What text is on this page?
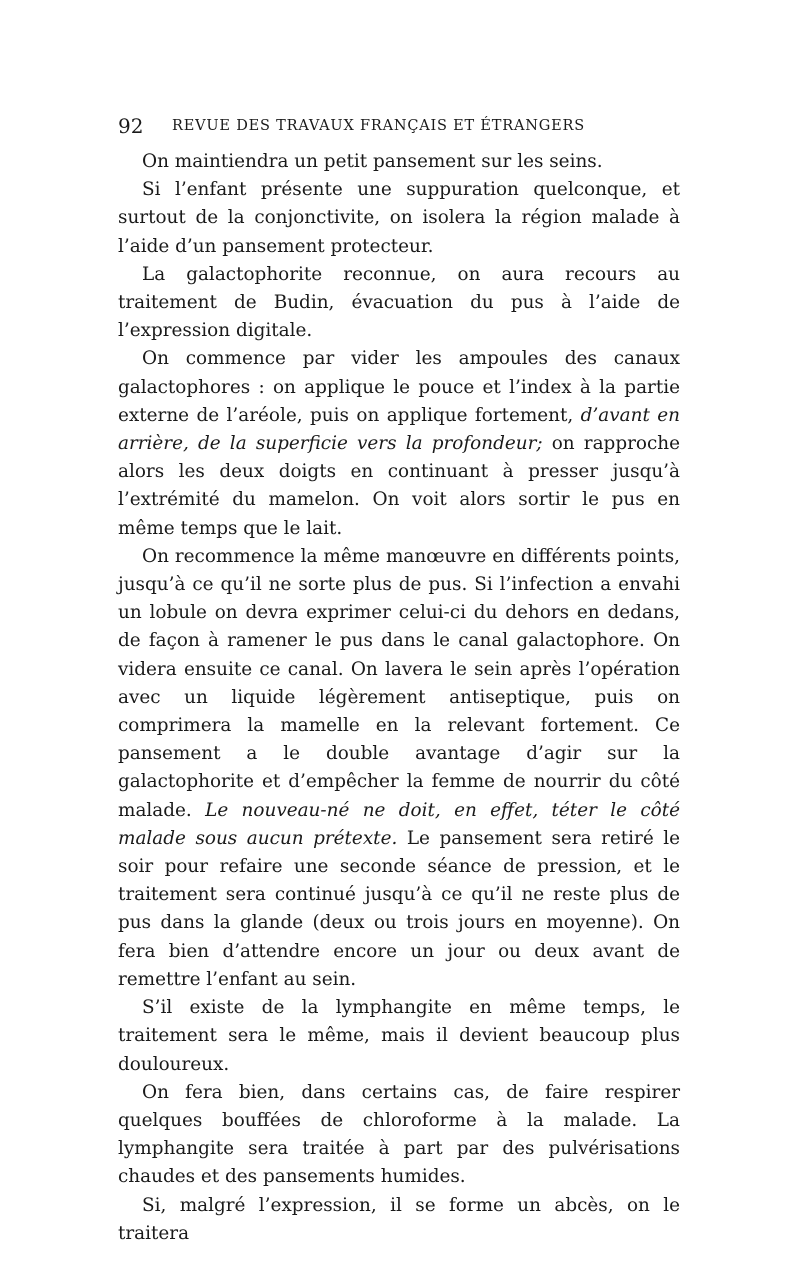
92 REVUE DES TRAVAUX FRANÇAIS ET ÉTRANGERS

On maintiendra un petit pansement sur les seins.

Si l’enfant présente une suppuration quelconque, et surtout de la conjonctivite, on isolera la région malade à l’aide d’un pansement protecteur.

La galactophorite reconnue, on aura recours au traitement de Budin, évacuation du pus à l’aide de l’expression digitale.

On commence par vider les ampoules des canaux galactophores : on applique le pouce et l’index à la partie externe de l’aréole, puis on applique fortement, d’avant en arrière, de la superficie vers la profondeur; on rapproche alors les deux doigts en continuant à presser jusqu’à l’extrémité du mamelon. On voit alors sortir le pus en même temps que le lait.

On recommence la même manœuvre en différents points, jusqu’à ce qu’il ne sorte plus de pus. Si l’infection a envahi un lobule on devra exprimer celui-ci du dehors en dedans, de façon à ramener le pus dans le canal galactophore. On videra ensuite ce canal. On lavera le sein après l’opération avec un liquide légèrement antiseptique, puis on comprimera la mamelle en la relevant fortement. Ce pansement a le double avantage d’agir sur la galactophorite et d’empêcher la femme de nourrir du côté malade. Le nouveau-né ne doit, en effet, téter le côté malade sous aucun prétexte. Le pansement sera retiré le soir pour refaire une seconde séance de pression, et le traitement sera continué jusqu’à ce qu’il ne reste plus de pus dans la glande (deux ou trois jours en moyenne). On fera bien d’attendre encore un jour ou deux avant de remettre l’enfant au sein.

S’il existe de la lymphangite en même temps, le traitement sera le même, mais il devient beaucoup plus douloureux.

On fera bien, dans certains cas, de faire respirer quelques bouffées de chloroforme à la malade. La lymphangite sera traitée à part par des pulvérisations chaudes et des pansements humides.

Si, malgré l’expression, il se forme un abcès, on le traitera
